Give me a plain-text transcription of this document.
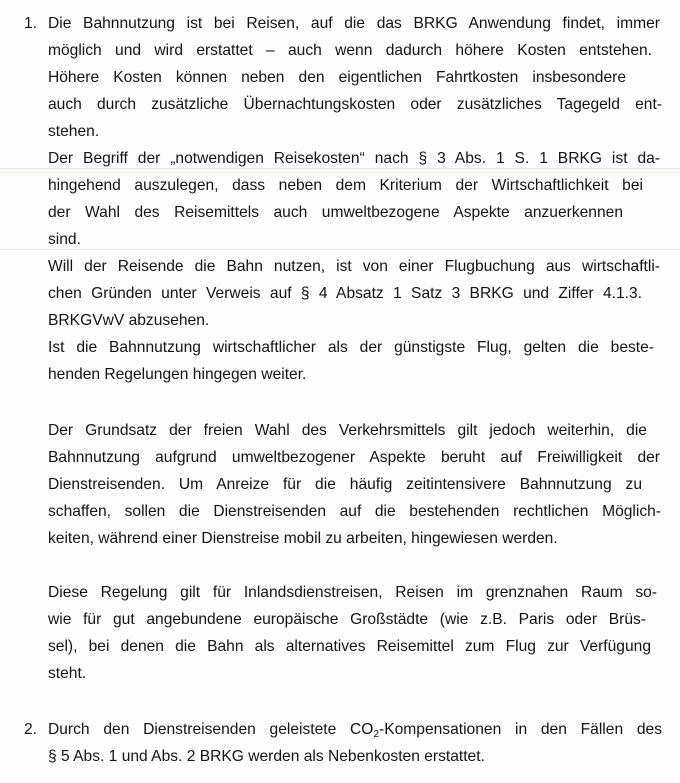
1. Die Bahnnutzung ist bei Reisen, auf die das BRKG Anwendung findet, immer
möglich und wird erstattet – auch wenn dadurch höhere Kosten entstehen.
Höhere Kosten können neben den eigentlichen Fahrtkosten insbesondere
auch durch zusätzliche Übernachtungskosten oder zusätzliches Tagegeld ent-
stehen.
Der Begriff der „notwendigen Reisekosten“ nach § 3 Abs. 1 S. 1 BRKG ist da-
hingehend auszulegen, dass neben dem Kriterium der Wirtschaftlichkeit bei
der Wahl des Reisemittels auch umweltbezogene Aspekte anzuerkennen
sind.
Will der Reisende die Bahn nutzen, ist von einer Flugbuchung aus wirtschaftli-
chen Gründen unter Verweis auf § 4 Absatz 1 Satz 3 BRKG und Ziffer 4.1.3.
BRKGVwV abzusehen.
Ist die Bahnnutzung wirtschaftlicher als der günstigste Flug, gelten die beste-
henden Regelungen hingegen weiter.
Der Grundsatz der freien Wahl des Verkehrsmittels gilt jedoch weiterhin, die
Bahnnutzung aufgrund umweltbezogener Aspekte beruht auf Freiwilligkeit der
Dienstreisenden. Um Anreize für die häufig zeitintensivere Bahnnutzung zu
schaffen, sollen die Dienstreisenden auf die bestehenden rechtlichen Möglich-
keiten, während einer Dienstreise mobil zu arbeiten, hingewiesen werden.
Diese Regelung gilt für Inlandsdienstreisen, Reisen im grenznahen Raum so-
wie für gut angebundene europäische Großstädte (wie z.B. Paris oder Brüs-
sel), bei denen die Bahn als alternatives Reisemittel zum Flug zur Verfügung
steht.
2. Durch den Dienstreisenden geleistete $CO_2$-Kompensationen in den Fällen des
§ 5 Abs. 1 und Abs. 2 BRKG werden als Nebenkosten erstattet.
